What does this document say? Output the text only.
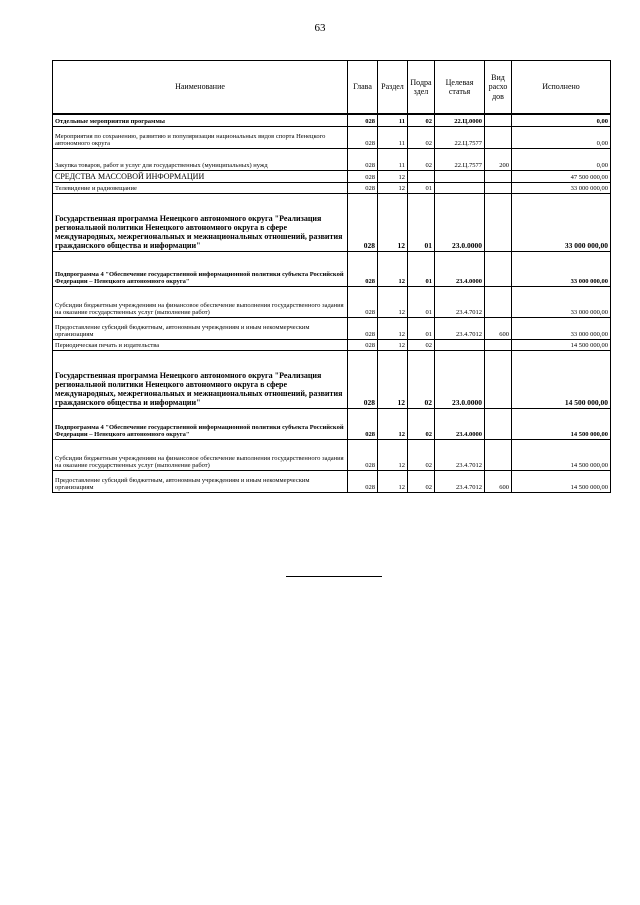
63
Наименование	Глава	Раздел	Подра здел	Целевая статья	Вид расхо дов	Исполнено
Отдельные мероприятия программы	028	11	02	22.Ц.0000		0,00
Мероприятия по сохранению, развитию и популяризации национальных видов спорта Ненецкого автономного округа	028	11	02	22.Ц.7577		0,00
Закупка товаров, работ и услуг для государственных (муниципальных) нужд	028	11	02	22.Ц.7577	200	0,00
СРЕДСТВА МАССОВОЙ ИНФОРМАЦИИ	028	12				47 500 000,00
Телевидение и радиовещание	028	12	01			33 000 000,00
Государственная программа Ненецкого автономного округа "Реализация региональной политики Ненецкого автономного округа в сфере международных, межрегиональных и межнациональных отношений, развития гражданского общества и информации"	028	12	01	23.0.0000		33 000 000,00
Подпрограмма 4 "Обеспечение государственной информационной политики субъекта Российской Федерации – Ненецкого автономного округа"	028	12	01	23.4.0000		33 000 000,00
Субсидии бюджетным учреждениям на финансовое обеспечение выполнения государственного задания на оказание государственных услуг (выполнение работ)	028	12	01	23.4.7012		33 000 000,00
Предоставление субсидий бюджетным, автономным учреждениям и иным некоммерческим организациям	028	12	01	23.4.7012	600	33 000 000,00
Периодическая печать и издательства	028	12	02			14 500 000,00
Государственная программа Ненецкого автономного округа "Реализация региональной политики Ненецкого автономного округа в сфере международных, межрегиональных и межнациональных отношений, развития гражданского общества и информации"	028	12	02	23.0.0000		14 500 000,00
Подпрограмма 4 "Обеспечение государственной информационной политики субъекта Российской Федерации – Ненецкого автономного округа"	028	12	02	23.4.0000		14 500 000,00
Субсидии бюджетным учреждениям на финансовое обеспечение выполнения государственного задания на оказание государственных услуг (выполнение работ)	028	12	02	23.4.7012		14 500 000,00
Предоставление субсидий бюджетным, автономным учреждениям и иным некоммерческим организациям	028	12	02	23.4.7012	600	14 500 000,00
